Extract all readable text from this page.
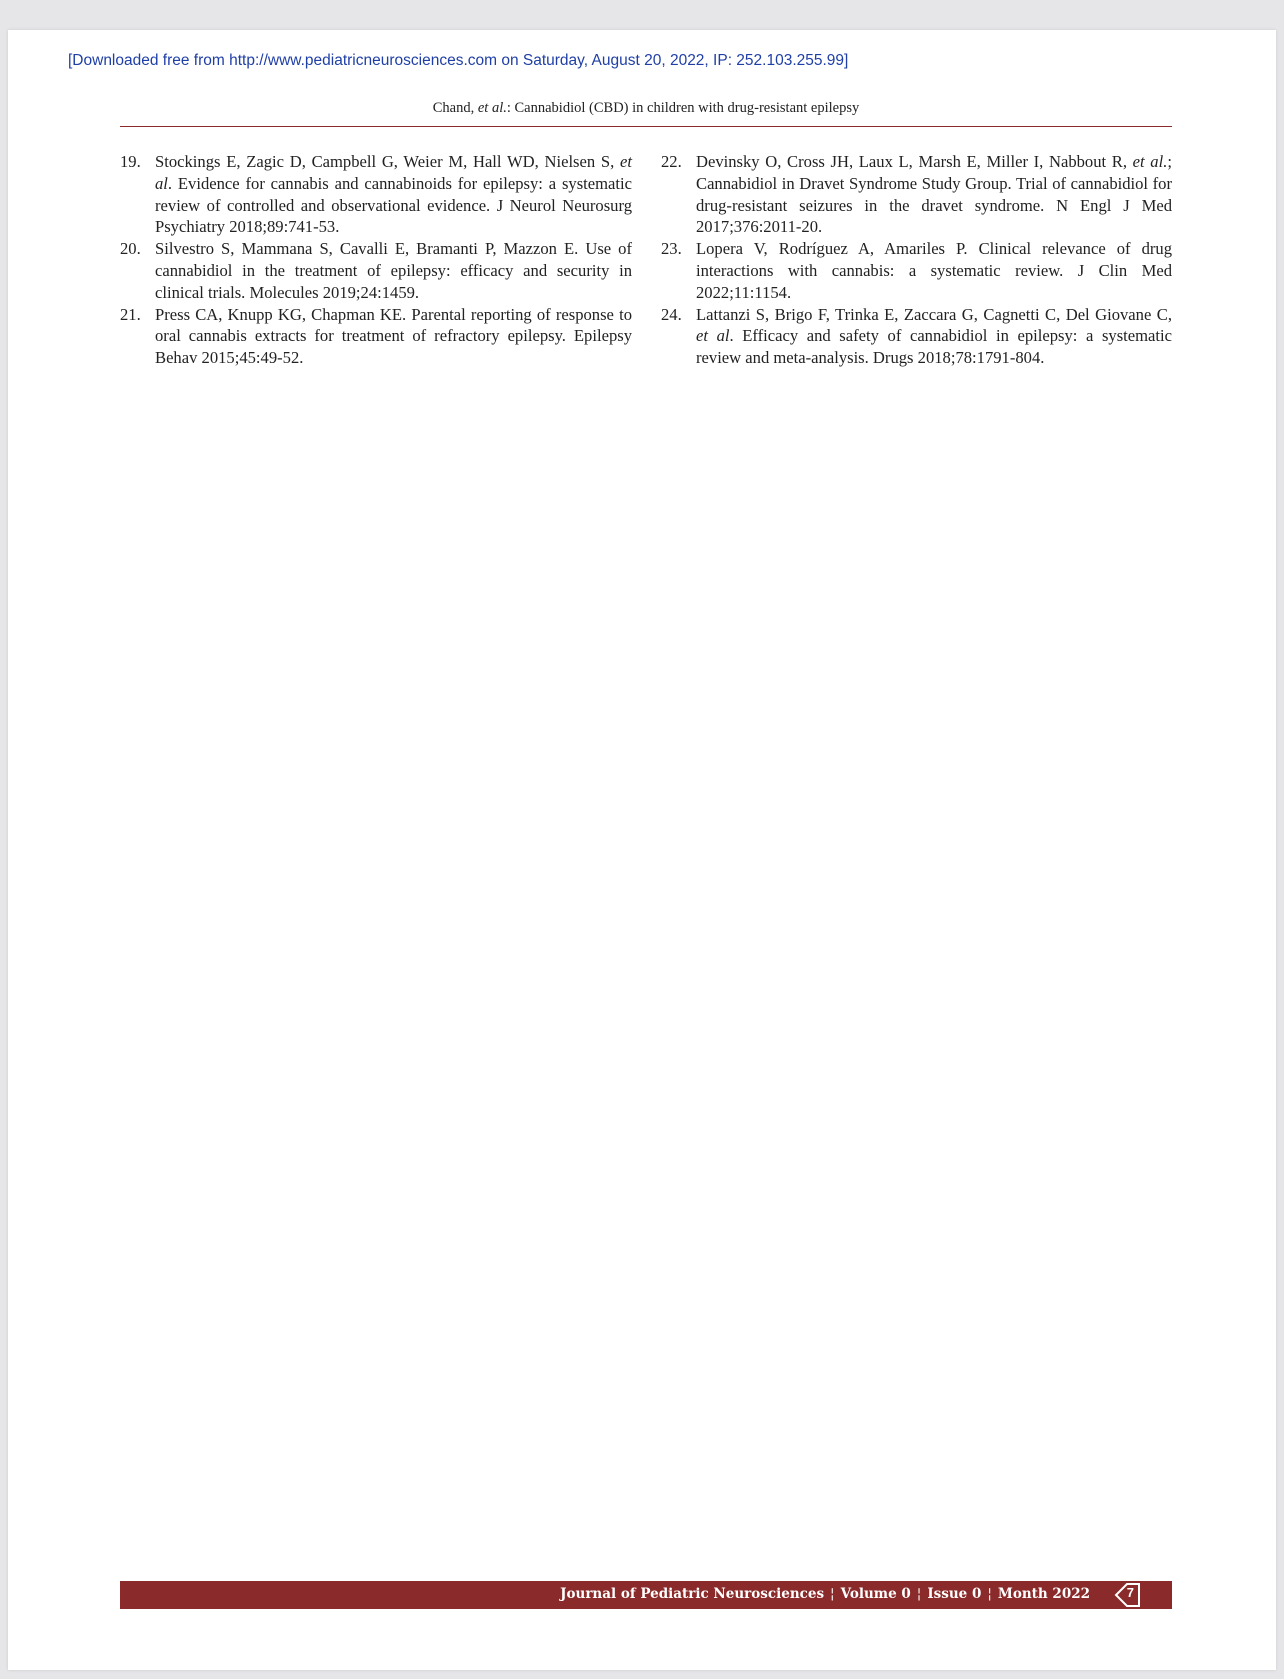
[Downloaded free from http://www.pediatricneurosciences.com on Saturday, August 20, 2022, IP: 252.103.255.99]
Chand, et al.: Cannabidiol (CBD) in children with drug-resistant epilepsy
19. Stockings E, Zagic D, Campbell G, Weier M, Hall WD, Nielsen S, et al. Evidence for cannabis and cannabinoids for epilepsy: a systematic review of controlled and observational evidence. J Neurol Neurosurg Psychiatry 2018;89:741-53.
20. Silvestro S, Mammana S, Cavalli E, Bramanti P, Mazzon E. Use of cannabidiol in the treatment of epilepsy: efficacy and security in clinical trials. Molecules 2019;24:1459.
21. Press CA, Knupp KG, Chapman KE. Parental reporting of response to oral cannabis extracts for treatment of refractory epilepsy. Epilepsy Behav 2015;45:49-52.
22. Devinsky O, Cross JH, Laux L, Marsh E, Miller I, Nabbout R, et al.; Cannabidiol in Dravet Syndrome Study Group. Trial of cannabidiol for drug-resistant seizures in the dravet syndrome. N Engl J Med 2017;376:2011-20.
23. Lopera V, Rodríguez A, Amariles P. Clinical relevance of drug interactions with cannabis: a systematic review. J Clin Med 2022;11:1154.
24. Lattanzi S, Brigo F, Trinka E, Zaccara G, Cagnetti C, Del Giovane C, et al. Efficacy and safety of cannabidiol in epilepsy: a systematic review and meta-analysis. Drugs 2018;78:1791-804.
Journal of Pediatric Neurosciences ¦ Volume 0 ¦ Issue 0 ¦ Month 2022	7
